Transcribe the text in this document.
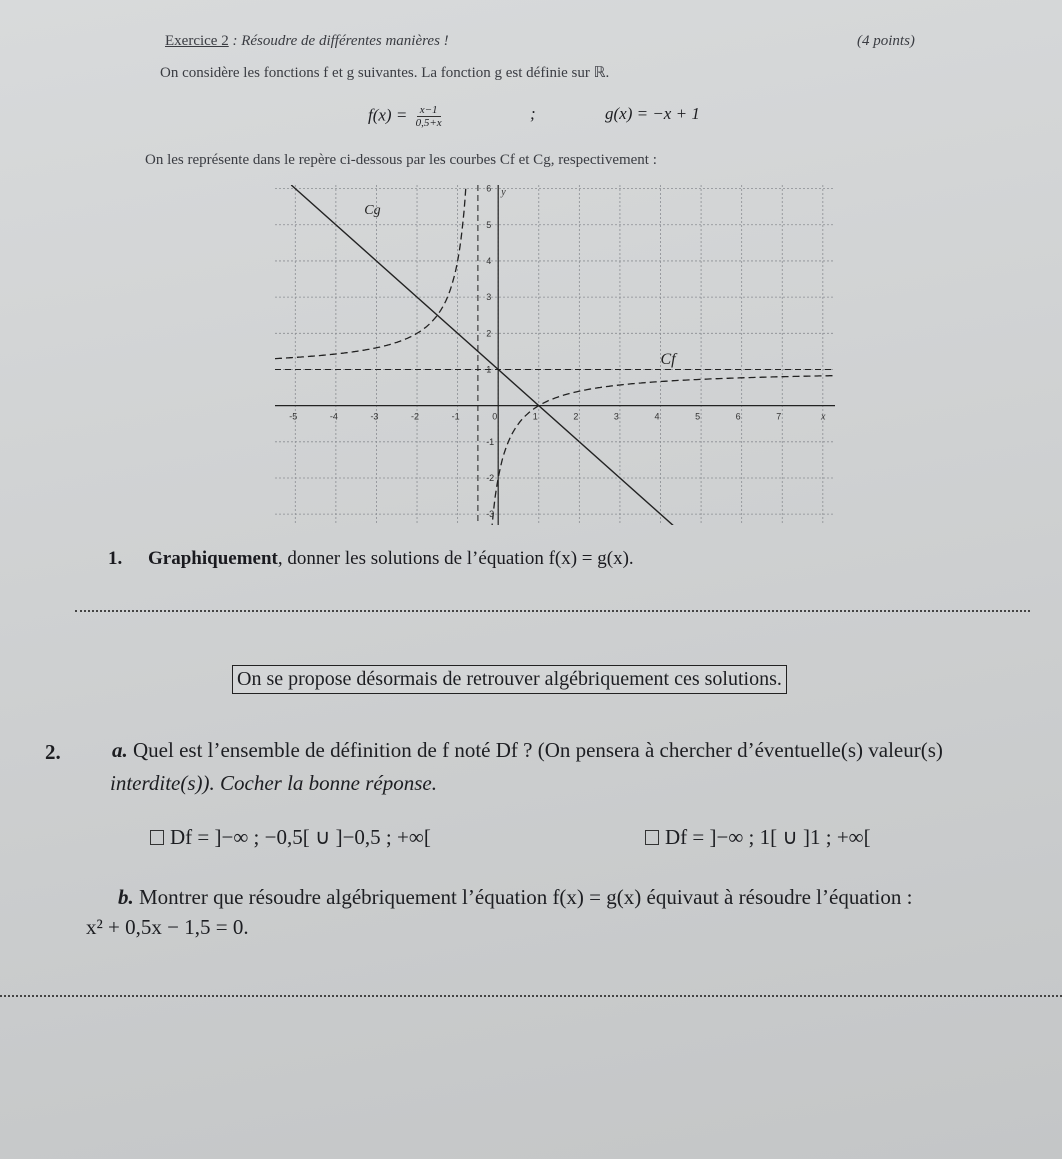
Exercice 2 : Résoudre de différentes manières !	(4 points)
On considère les fonctions f et g suivantes. La fonction g est définie sur ℝ.
$f(x) = \frac{x-1}{0,5+x}$	;	g(x) = −x + 1
On les représente dans le repère ci-dessous par les courbes Cf et Cg, respectivement :
-5	-4	-3	-2	-1	0	1	2	3	4	5	6	7	x
-3
-2
-1
1
2
3
4
5
6 y
Cg
Cf
1. Graphiquement, donner les solutions de l’équation f(x) = g(x).
On se propose désormais de retrouver algébriquement ces solutions.
2. a. Quel est l’ensemble de définition de f noté Df ? (On pensera à chercher d’éventuelle(s) valeur(s)
interdite(s)). Cocher la bonne réponse.
Df = ]−∞ ; −0,5[ ∪ ]−0,5 ; +∞[	Df = ]−∞ ; 1[ ∪ ]1 ; +∞[
b. Montrer que résoudre algébriquement l’équation f(x) = g(x) équivaut à résoudre l’équation :
x² + 0,5x − 1,5 = 0.
